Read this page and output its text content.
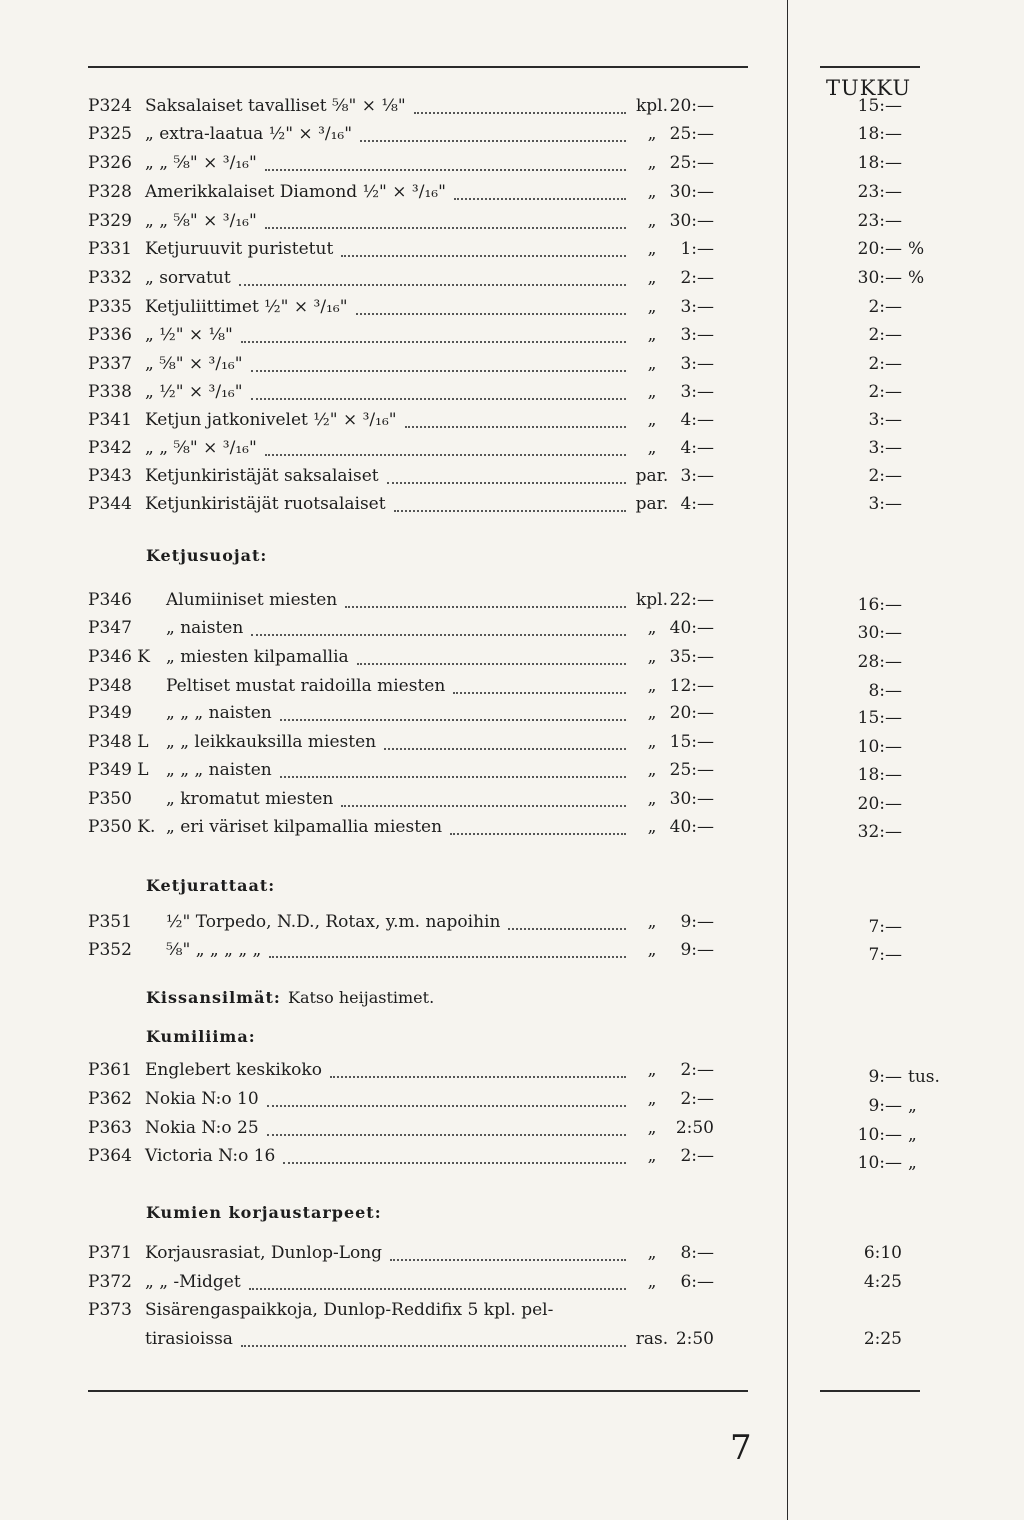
TUKKU
P324 Saksalaiset tavalliset ⅝" × ⅛"	kpl. 20:—	15:—
P325 „ extra-laatua ½" × ³/₁₆"	„ 25:—	18:—
P326 „ „ ⅝" × ³/₁₆"	„ 25:—	18:—
P328 Amerikkalaiset Diamond ½" × ³/₁₆"	„ 30:—	23:—
P329 „ „ ⅝" × ³/₁₆"	„ 30:—	23:—
P331 Ketjuruuvit puristetut	„	1:—	20:— %
P332 „ sorvatut	„	2:—	30:— %
P335 Ketjuliittimet ½" × ³/₁₆"	„	3:—	2:—
P336 „ ½" × ⅛"	„	3:—	2:—
P337 „ ⅝" × ³/₁₆"	„	3:—	2:—
P338 „ ½" × ³/₁₆"	„	3:—	2:—
P341 Ketjun jatkonivelet ½" × ³/₁₆"	„	4:—	3:—
P342 „ „ ⅝" × ³/₁₆"	„	4:—	3:—
P343 Ketjunkiristäjät saksalaiset	par. 3:—	2:—
P344 Ketjunkiristäjät ruotsalaiset	par. 4:—	3:—
Ketjusuojat:
P346 Alumiiniset miesten	kpl. 22:—	16:—
P347 „ naisten	„ 40:—	30:—
P346 K „ miesten kilpamallia	„ 35:—	28:—
P348 Peltiset mustat raidoilla miesten	„ 12:—	8:—
P349 „ „ „ naisten	„ 20:—	15:—
P348 L „ „ leikkauksilla miesten	„ 15:—	10:—
P349 L „ „ „ naisten	„ 25:—	18:—
P350 „ kromatut miesten	„ 30:—	20:—
P350 K. „ eri väriset kilpamallia miesten	„ 40:—	32:—
Ketjurattaat:
P351 ½" Torpedo, N.D., Rotax, y.m. napoihin	„	9:—	7:—
P352 ⅝" „ „ „ „ „	„	9:—	7:—
Kissansilmät: Katso heijastimet.
Kumiliima:
P361 Englebert keskikoko	„	2:—	9:— tus.
P362 Nokia N:o 10	„	2:—	9:— „
P363 Nokia N:o 25	„	2:50	10:— „
P364 Victoria N:o 16	„	2:—	10:— „
Kumien korjaustarpeet:
P371 Korjausrasiat, Dunlop-Long	„	8:—	6:10
P372 „ „ -Midget	„	6:—	4:25
P373 Sisärengaspaikkoja, Dunlop-Reddifix 5 kpl. pel-
tirasioissa	ras. 2:50	2:25
7
